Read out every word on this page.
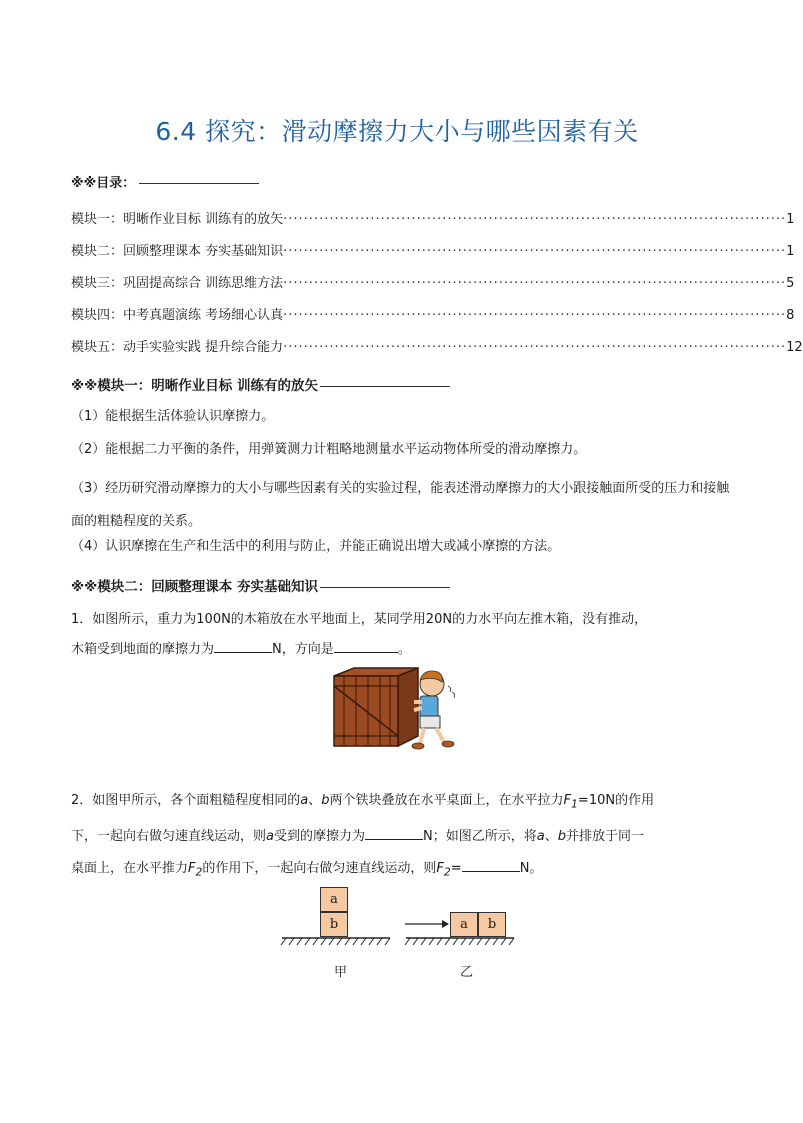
6.4 探究：滑动摩擦力大小与哪些因素有关
※※目录：
模块一：明晰作业目标 训练有的放矢 ·································································································· 1
模块二：回顾整理课本 夯实基础知识 ·································································································· 1
模块三：巩固提高综合 训练思维方法 ·································································································· 5
模块四：中考真题演练 考场细心认真 ·································································································· 8
模块五：动手实验实践 提升综合能力 ·································································································· 12
※※模块一：明晰作业目标 训练有的放矢
（1）能根据生活体验认识摩擦力。
（2）能根据二力平衡的条件，用弹簧测力计粗略地测量水平运动物体所受的滑动摩擦力。
（3）经历研究滑动摩擦力的大小与哪些因素有关的实验过程，能表述滑动摩擦力的大小跟接触面所受的压力和接触面的粗糙程度的关系。
（4）认识摩擦在生产和生活中的利用与防止，并能正确说出增大或减小摩擦的方法。
※※模块二：回顾整理课本 夯实基础知识
1．如图所示，重力为100N的木箱放在水平地面上，某同学用20N的力水平向左推木箱，没有推动，
木箱受到地面的摩擦力为	N，方向是	。
2．如图甲所示，各个面粗糙程度相同的a、b两个铁块叠放在水平桌面上，在水平拉力$F_1=10N$的作用
下，一起向右做匀速直线运动，则a受到的摩擦力为	N；如图乙所示，将a、b并排放于同一
桌面上，在水平推力$F_2$的作用下，一起向右做匀速直线运动，则$F_2=$	N。
a
b	a	b
甲	乙
